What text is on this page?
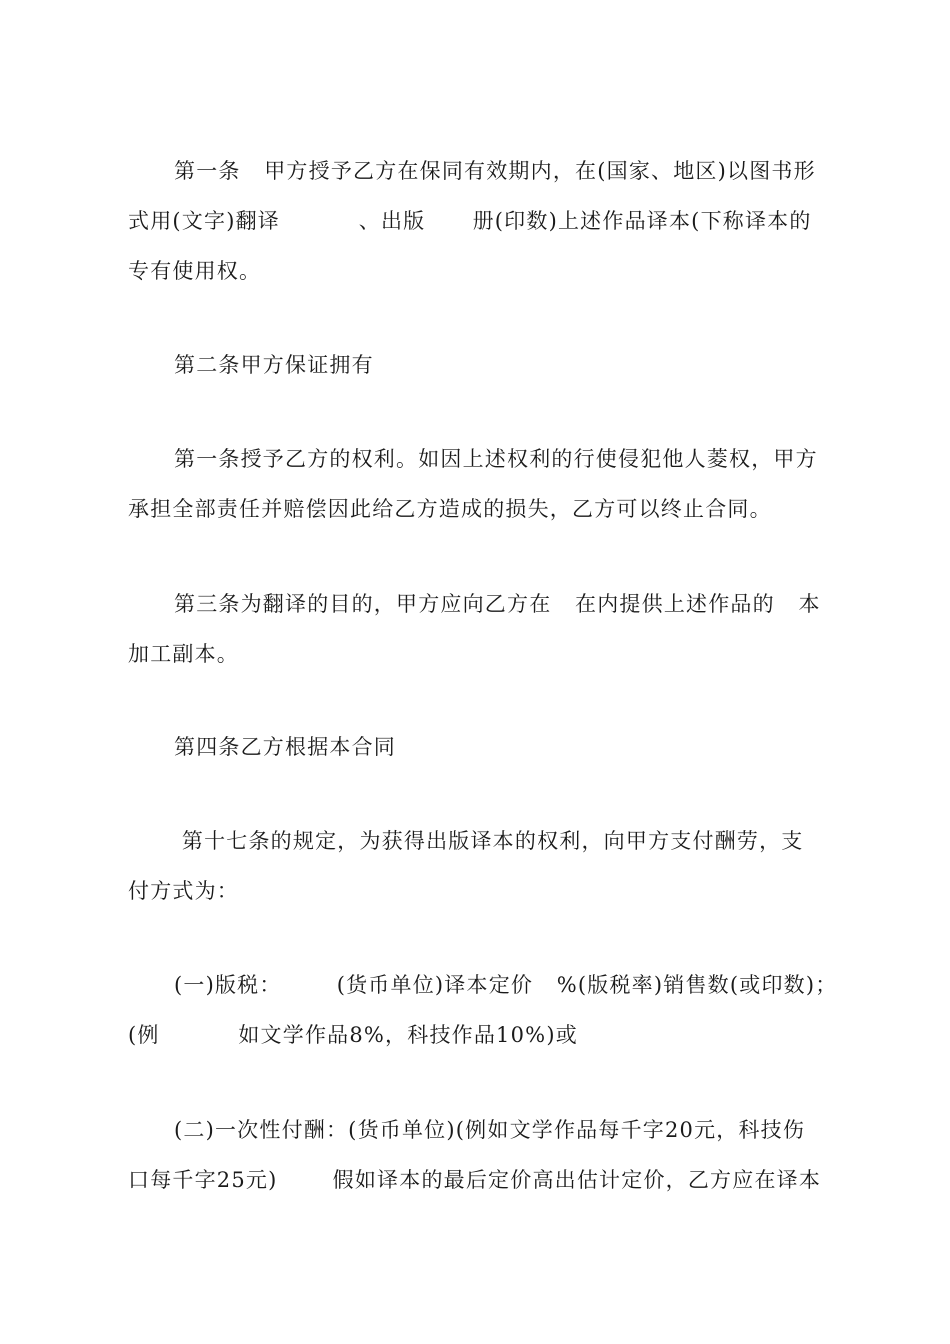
第一条   甲方授予乙方在保同有效期内，在(国家、地区)以图书形
式用(文字)翻译          、出版      册(印数)上述作品译本(下称译本的
专有使用权。
第二条甲方保证拥有
第一条授予乙方的权利。如因上述权利的行使侵犯他人菱权，甲方
承担全部责任并赔偿因此给乙方造成的损失，乙方可以终止合同。
第三条为翻译的目的，甲方应向乙方在   在内提供上述作品的   本
加工副本。
第四条乙方根据本合同
第十七条的规定，为获得出版译本的权利，向甲方支付酬劳，支
付方式为：
(一)版税：       (货币单位)译本定价   %(版税率)销售数(或印数)；
(例          如文学作品8%，科技作品10%)或
(二)一次性付酬：(货币单位)(例如文学作品每千字20元，科技伤
口每千字25元)       假如译本的最后定价高出估计定价，乙方应在译本
